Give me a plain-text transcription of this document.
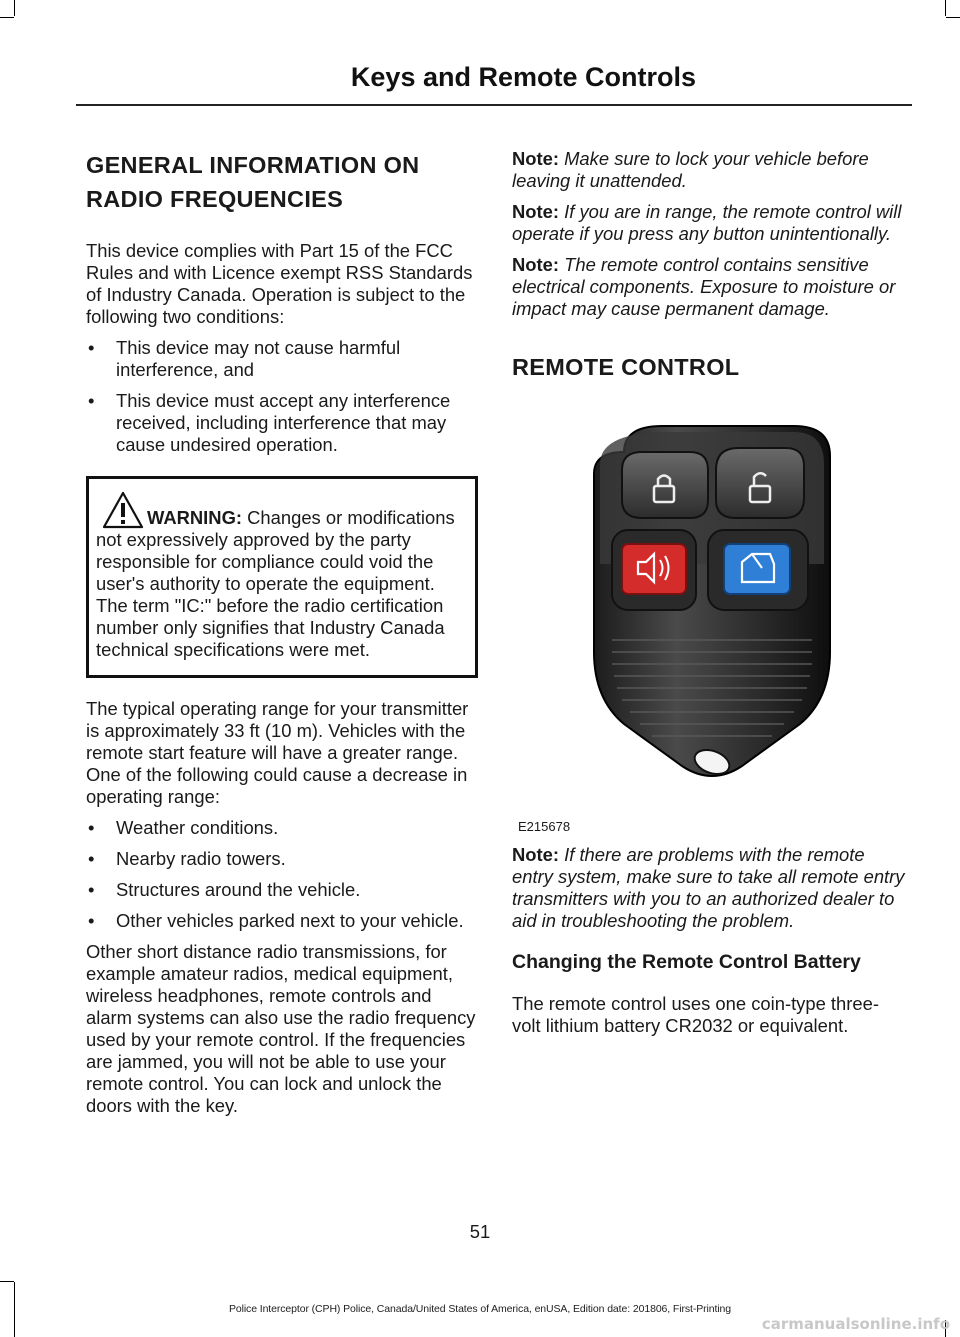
Keys and Remote Controls
GENERAL INFORMATION ON RADIO FREQUENCIES

This device complies with Part 15 of the FCC Rules and with Licence exempt RSS Standards of Industry Canada. Operation is subject to the following two conditions:

• This device may not cause harmful interference, and
• This device must accept any interference received, including interference that may cause undesired operation.
WARNING: Changes or modifications not expressively approved by the party responsible for compliance could void the user's authority to operate the equipment. The term "IC:" before the radio certification number only signifies that Industry Canada technical specifications were met.

The typical operating range for your transmitter is approximately 33 ft (10 m). Vehicles with the remote start feature will have a greater range. One of the following could cause a decrease in operating range:

• Weather conditions.
• Nearby radio towers.
• Structures around the vehicle.
• Other vehicles parked next to your vehicle.

Other short distance radio transmissions, for example amateur radios, medical equipment, wireless headphones, remote controls and alarm systems can also use the radio frequency used by your remote control. If the frequencies are jammed, you will not be able to use your remote control. You can lock and unlock the doors with the key.

Note: Make sure to lock your vehicle before leaving it unattended.

Note: If you are in range, the remote control will operate if you press any button unintentionally.

Note: The remote control contains sensitive electrical components. Exposure to moisture or impact may cause permanent damage.

REMOTE CONTROL
E215678

Note: If there are problems with the remote entry system, make sure to take all remote entry transmitters with you to an authorized dealer to aid in troubleshooting the problem.

Changing the Remote Control Battery

The remote control uses one coin-type three-volt lithium battery CR2032 or equivalent.

51
Police Interceptor (CPH) Police, Canada/United States of America, enUSA, Edition date: 201806, First-Printing
carmanualsonline.info
